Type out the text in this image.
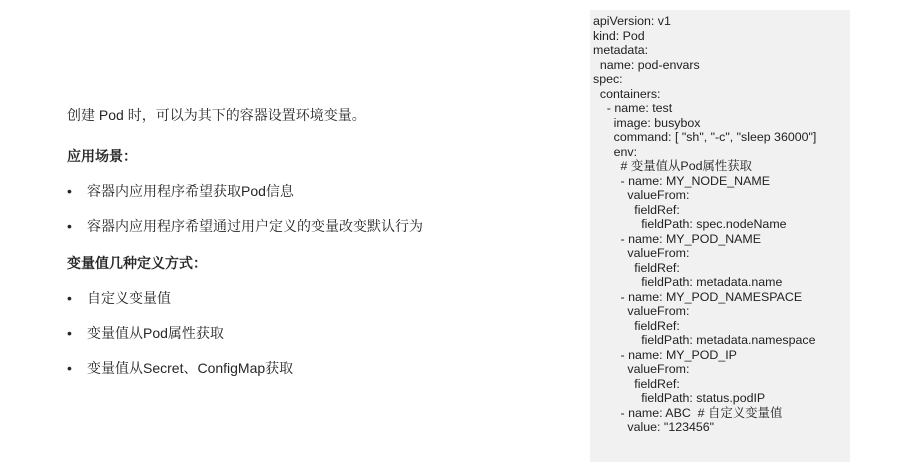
创建 Pod 时，可以为其下的容器设置环境变量。
应用场景：
•	容器内应用程序希望获取Pod信息
•	容器内应用程序希望通过用户定义的变量改变默认行为
变量值几种定义方式：
•	自定义变量值
•	变量值从Pod属性获取
•	变量值从Secret、ConfigMap获取
apiVersion: v1
kind: Pod
metadata:
name: pod-envars
spec:
containers:
- name: test
image: busybox
command: [ "sh", "-c", "sleep 36000"]
env:
# 变量值从Pod属性获取
- name: MY_NODE_NAME
valueFrom:
fieldRef:
fieldPath: spec.nodeName
- name: MY_POD_NAME
valueFrom:
fieldRef:
fieldPath: metadata.name
- name: MY_POD_NAMESPACE
valueFrom:
fieldRef:
fieldPath: metadata.namespace
- name: MY_POD_IP
valueFrom:
fieldRef:
fieldPath: status.podIP
- name: ABC  # 自定义变量值
value: "123456"
